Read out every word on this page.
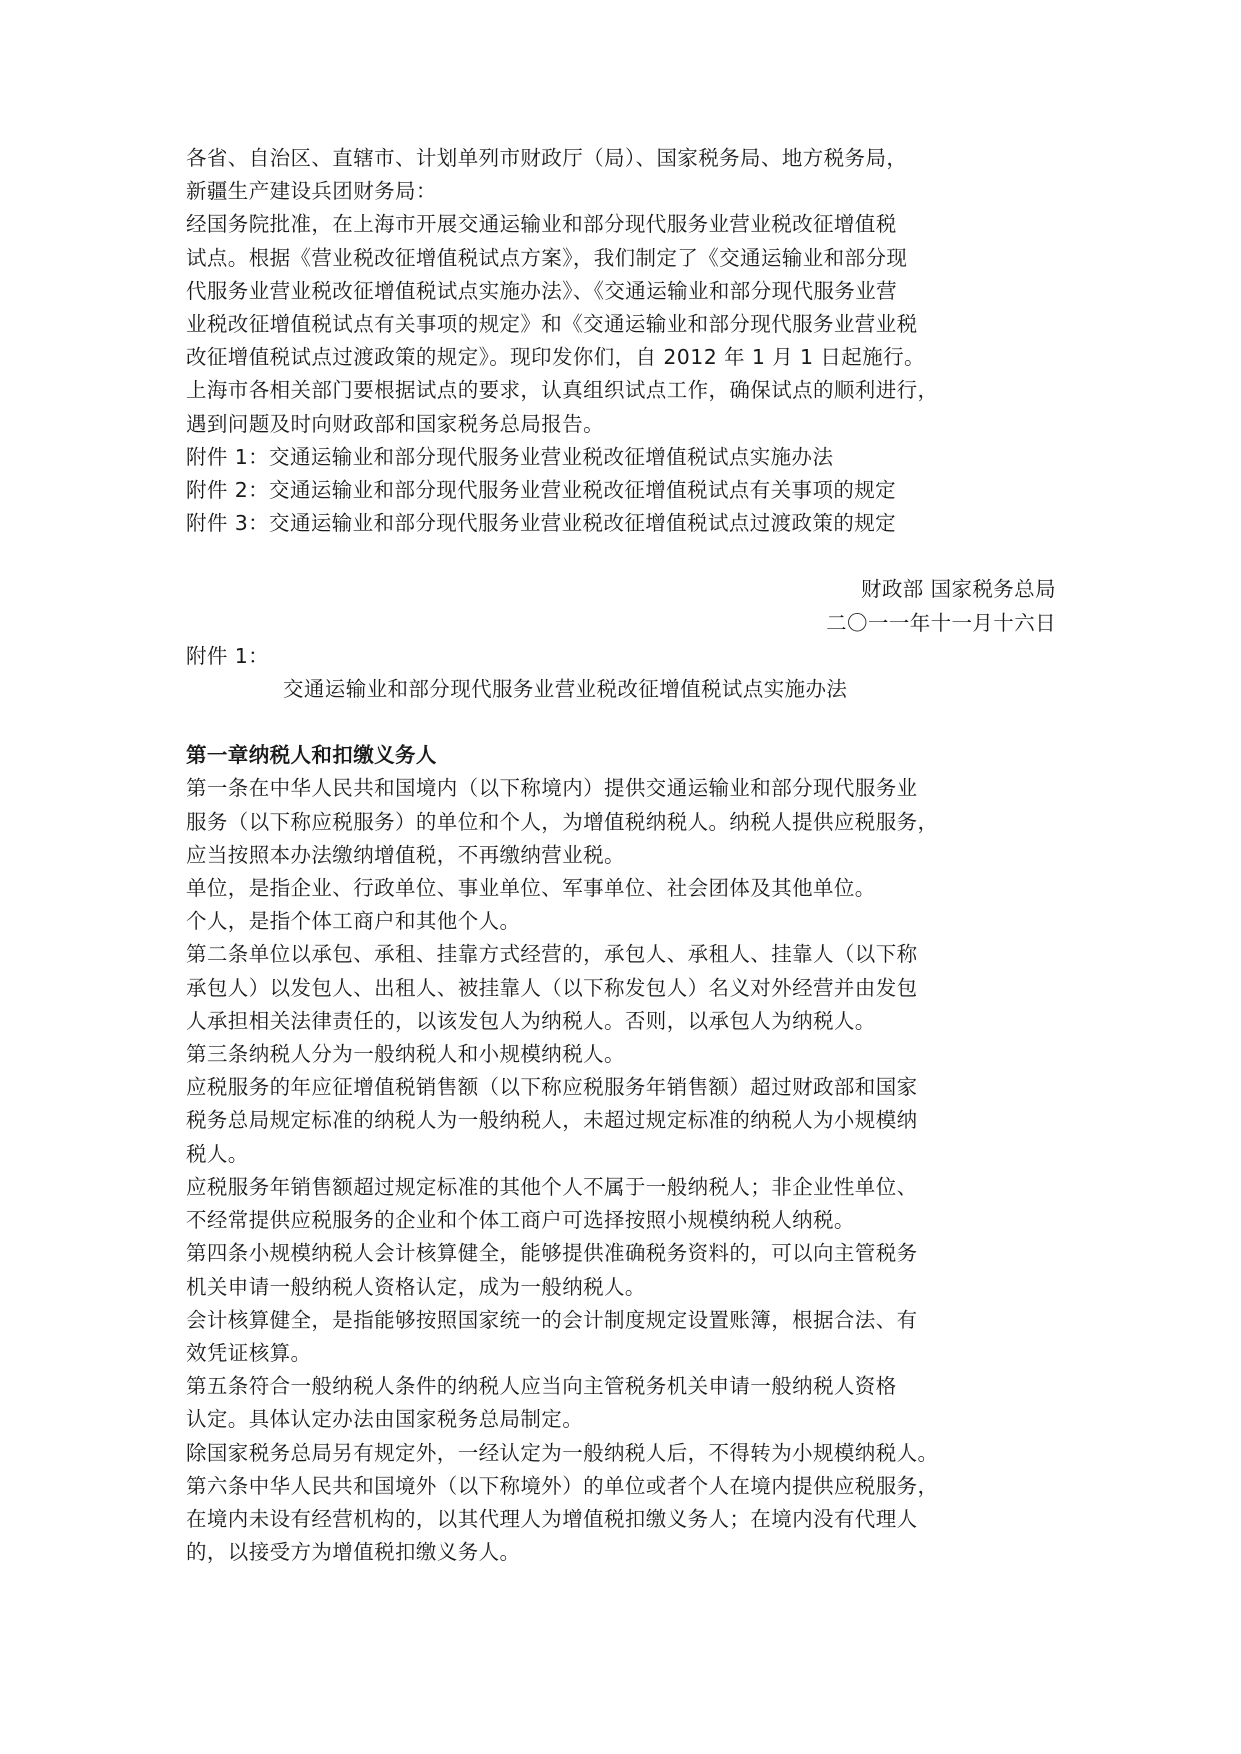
各省、自治区、直辖市、计划单列市财政厅（局）、国家税务局、地方税务局，

新疆生产建设兵团财务局：

经国务院批准，在上海市开展交通运输业和部分现代服务业营业税改征增值税

试点。根据《营业税改征增值税试点方案》，我们制定了《交通运输业和部分现

代服务业营业税改征增值税试点实施办法》、《交通运输业和部分现代服务业营

业税改征增值税试点有关事项的规定》和《交通运输业和部分现代服务业营业税

改征增值税试点过渡政策的规定》。现印发你们，自 2012 年 1 月 1 日起施行。

上海市各相关部门要根据试点的要求，认真组织试点工作，确保试点的顺利进行，

遇到问题及时向财政部和国家税务总局报告。

附件 1：交通运输业和部分现代服务业营业税改征增值税试点实施办法

附件 2：交通运输业和部分现代服务业营业税改征增值税试点有关事项的规定

附件 3：交通运输业和部分现代服务业营业税改征增值税试点过渡政策的规定

财政部 国家税务总局

二〇一一年十一月十六日

附件 1：

交通运输业和部分现代服务业营业税改征增值税试点实施办法

第一章纳税人和扣缴义务人

第一条在中华人民共和国境内（以下称境内）提供交通运输业和部分现代服务业

服务（以下称应税服务）的单位和个人，为增值税纳税人。纳税人提供应税服务，

应当按照本办法缴纳增值税，不再缴纳营业税。

单位，是指企业、行政单位、事业单位、军事单位、社会团体及其他单位。

个人，是指个体工商户和其他个人。

第二条单位以承包、承租、挂靠方式经营的，承包人、承租人、挂靠人（以下称

承包人）以发包人、出租人、被挂靠人（以下称发包人）名义对外经营并由发包

人承担相关法律责任的，以该发包人为纳税人。否则，以承包人为纳税人。

第三条纳税人分为一般纳税人和小规模纳税人。

应税服务的年应征增值税销售额（以下称应税服务年销售额）超过财政部和国家

税务总局规定标准的纳税人为一般纳税人，未超过规定标准的纳税人为小规模纳

税人。

应税服务年销售额超过规定标准的其他个人不属于一般纳税人；非企业性单位、

不经常提供应税服务的企业和个体工商户可选择按照小规模纳税人纳税。

第四条小规模纳税人会计核算健全，能够提供准确税务资料的，可以向主管税务

机关申请一般纳税人资格认定，成为一般纳税人。

会计核算健全，是指能够按照国家统一的会计制度规定设置账簿，根据合法、有

效凭证核算。

第五条符合一般纳税人条件的纳税人应当向主管税务机关申请一般纳税人资格

认定。具体认定办法由国家税务总局制定。

除国家税务总局另有规定外，一经认定为一般纳税人后，不得转为小规模纳税人。

第六条中华人民共和国境外（以下称境外）的单位或者个人在境内提供应税服务，

在境内未设有经营机构的，以其代理人为增值税扣缴义务人；在境内没有代理人

的，以接受方为增值税扣缴义务人。
